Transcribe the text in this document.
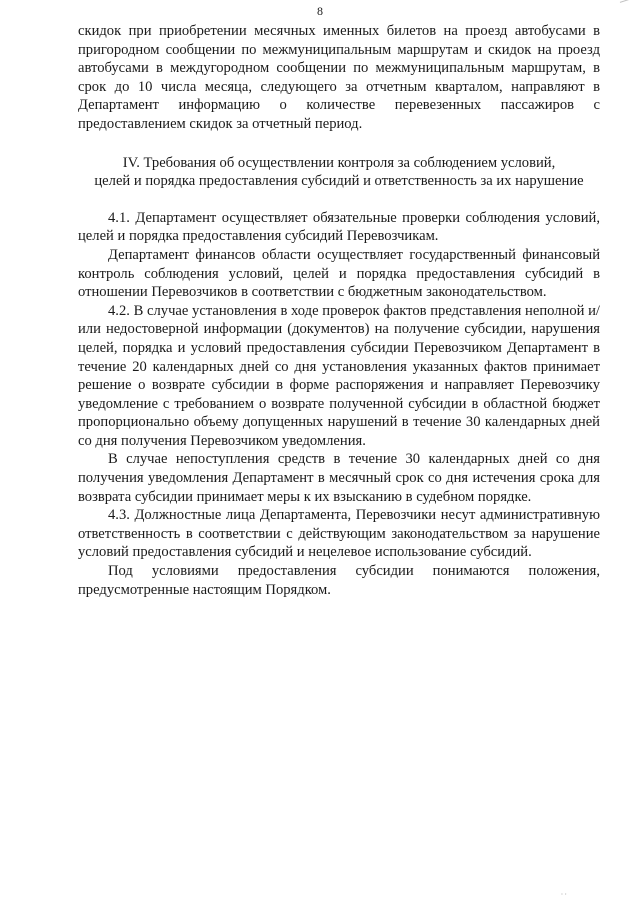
8

скидок при приобретении месячных именных билетов на проезд автобусами в пригородном сообщении по межмуниципальным маршрутам и скидок на проезд автобусами в междугородном сообщении по межмуниципальным маршрутам, в срок до 10 числа месяца, следующего за отчетным кварталом, направляют в Департамент информацию о количестве перевезенных пассажиров с предоставлением скидок за отчетный период.

IV. Требования об осуществлении контроля за соблюдением условий,
целей и порядка предоставления субсидий и ответственность за их нарушение

4.1. Департамент осуществляет обязательные проверки соблюдения условий, целей и порядка предоставления субсидий Перевозчикам.

Департамент финансов области осуществляет государственный финансовый контроль соблюдения условий, целей и порядка предоставления субсидий в отношении Перевозчиков в соответствии с бюджетным законодательством.

4.2. В случае установления в ходе проверок фактов представления неполной и/или недостоверной информации (документов) на получение субсидии, нарушения целей, порядка и условий предоставления субсидии Перевозчиком Департамент в течение 20 календарных дней со дня установления указанных фактов принимает решение о возврате субсидии в форме распоряжения и направляет Перевозчику уведомление с требованием о возврате полученной субсидии в областной бюджет пропорционально объему допущенных нарушений в течение 30 календарных дней со дня получения Перевозчиком уведомления.

В случае непоступления средств в течение 30 календарных дней со дня получения уведомления Департамент в месячный срок со дня истечения срока для возврата субсидии принимает меры к их взысканию в судебном порядке.

4.3. Должностные лица Департамента, Перевозчики несут административную ответственность в соответствии с действующим законодательством за нарушение условий предоставления субсидий и нецелевое использование субсидий.

Под условиями предоставления субсидии понимаются положения, предусмотренные настоящим Порядком.

··
